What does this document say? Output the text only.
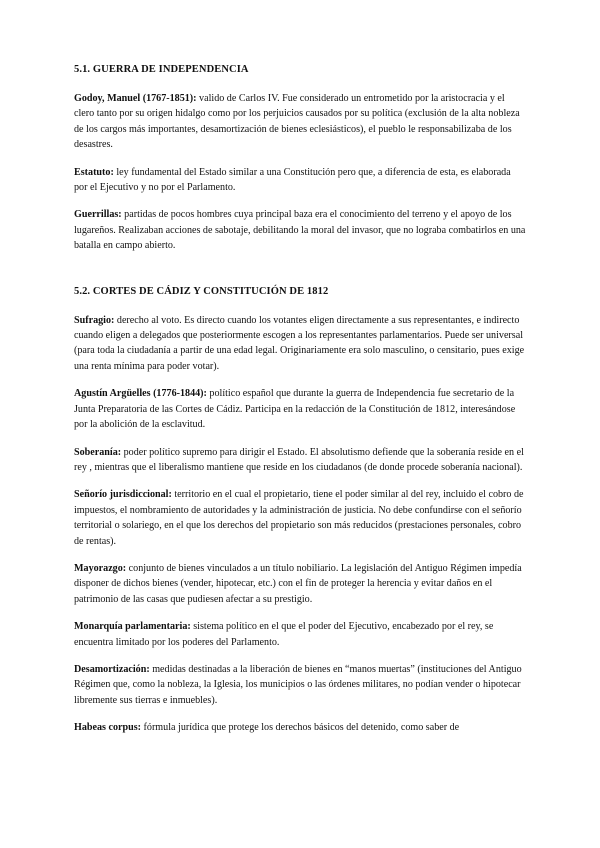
5.1. GUERRA DE INDEPENDENCIA

Godoy, Manuel (1767-1851): valido de Carlos IV. Fue considerado un entrometido por la aristocracia y el clero tanto por su origen hidalgo como por los perjuicios causados por su política (exclusión de la alta nobleza de los cargos más importantes, desamortización de bienes eclesiásticos), el pueblo le responsabilizaba de los desastres.

Estatuto: ley fundamental del Estado similar a una Constitución pero que, a diferencia de esta, es elaborada por el Ejecutivo y no por el Parlamento.

Guerrillas: partidas de pocos hombres cuya principal baza era el conocimiento del terreno y el apoyo de los lugareños. Realizaban acciones de sabotaje, debilitando la moral del invasor, que no lograba combatirlos en una batalla en campo abierto.

5.2. CORTES DE CÁDIZ Y CONSTITUCIÓN DE 1812

Sufragio: derecho al voto. Es directo cuando los votantes eligen directamente a sus representantes, e indirecto cuando eligen a delegados que posteriormente escogen a los representantes parlamentarios. Puede ser universal (para toda la ciudadanía a partir de una edad legal. Originariamente era solo masculino, o censitario, pues exige una renta mínima para poder votar).

Agustín Argüelles (1776-1844): político español que durante la guerra de Independencia fue secretario de la Junta Preparatoria de las Cortes de Cádiz. Participa en la redacción de la Constitución de 1812, interesándose por la abolición de la esclavitud.

Soberanía: poder político supremo para dirigir el Estado. El absolutismo defiende que la soberanía reside en el rey , mientras que el liberalismo mantiene que reside en los ciudadanos (de donde procede soberanía nacional).

Señorío jurisdiccional: territorio en el cual el propietario, tiene el poder similar al del rey, incluido el cobro de impuestos, el nombramiento de autoridades y la administración de justicia. No debe confundirse con el señorío territorial o solariego, en el que los derechos del propietario son más reducidos (prestaciones personales, cobro de rentas).

Mayorazgo: conjunto de bienes vinculados a un título nobiliario. La legislación del Antiguo Régimen impedía disponer de dichos bienes (vender, hipotecar, etc.) con el fin de proteger la herencia y evitar daños en el patrimonio de las casas que pudiesen afectar a su prestigio.

Monarquía parlamentaria: sistema político en el que el poder del Ejecutivo, encabezado por el rey, se encuentra limitado por los poderes del Parlamento.

Desamortización: medidas destinadas a la liberación de bienes en “manos muertas” (instituciones del Antiguo Régimen que, como la nobleza, la Iglesia, los municipios o las órdenes militares, no podían vender o hipotecar libremente sus tierras e inmuebles).

Habeas corpus: fórmula jurídica que protege los derechos básicos del detenido, como saber de
